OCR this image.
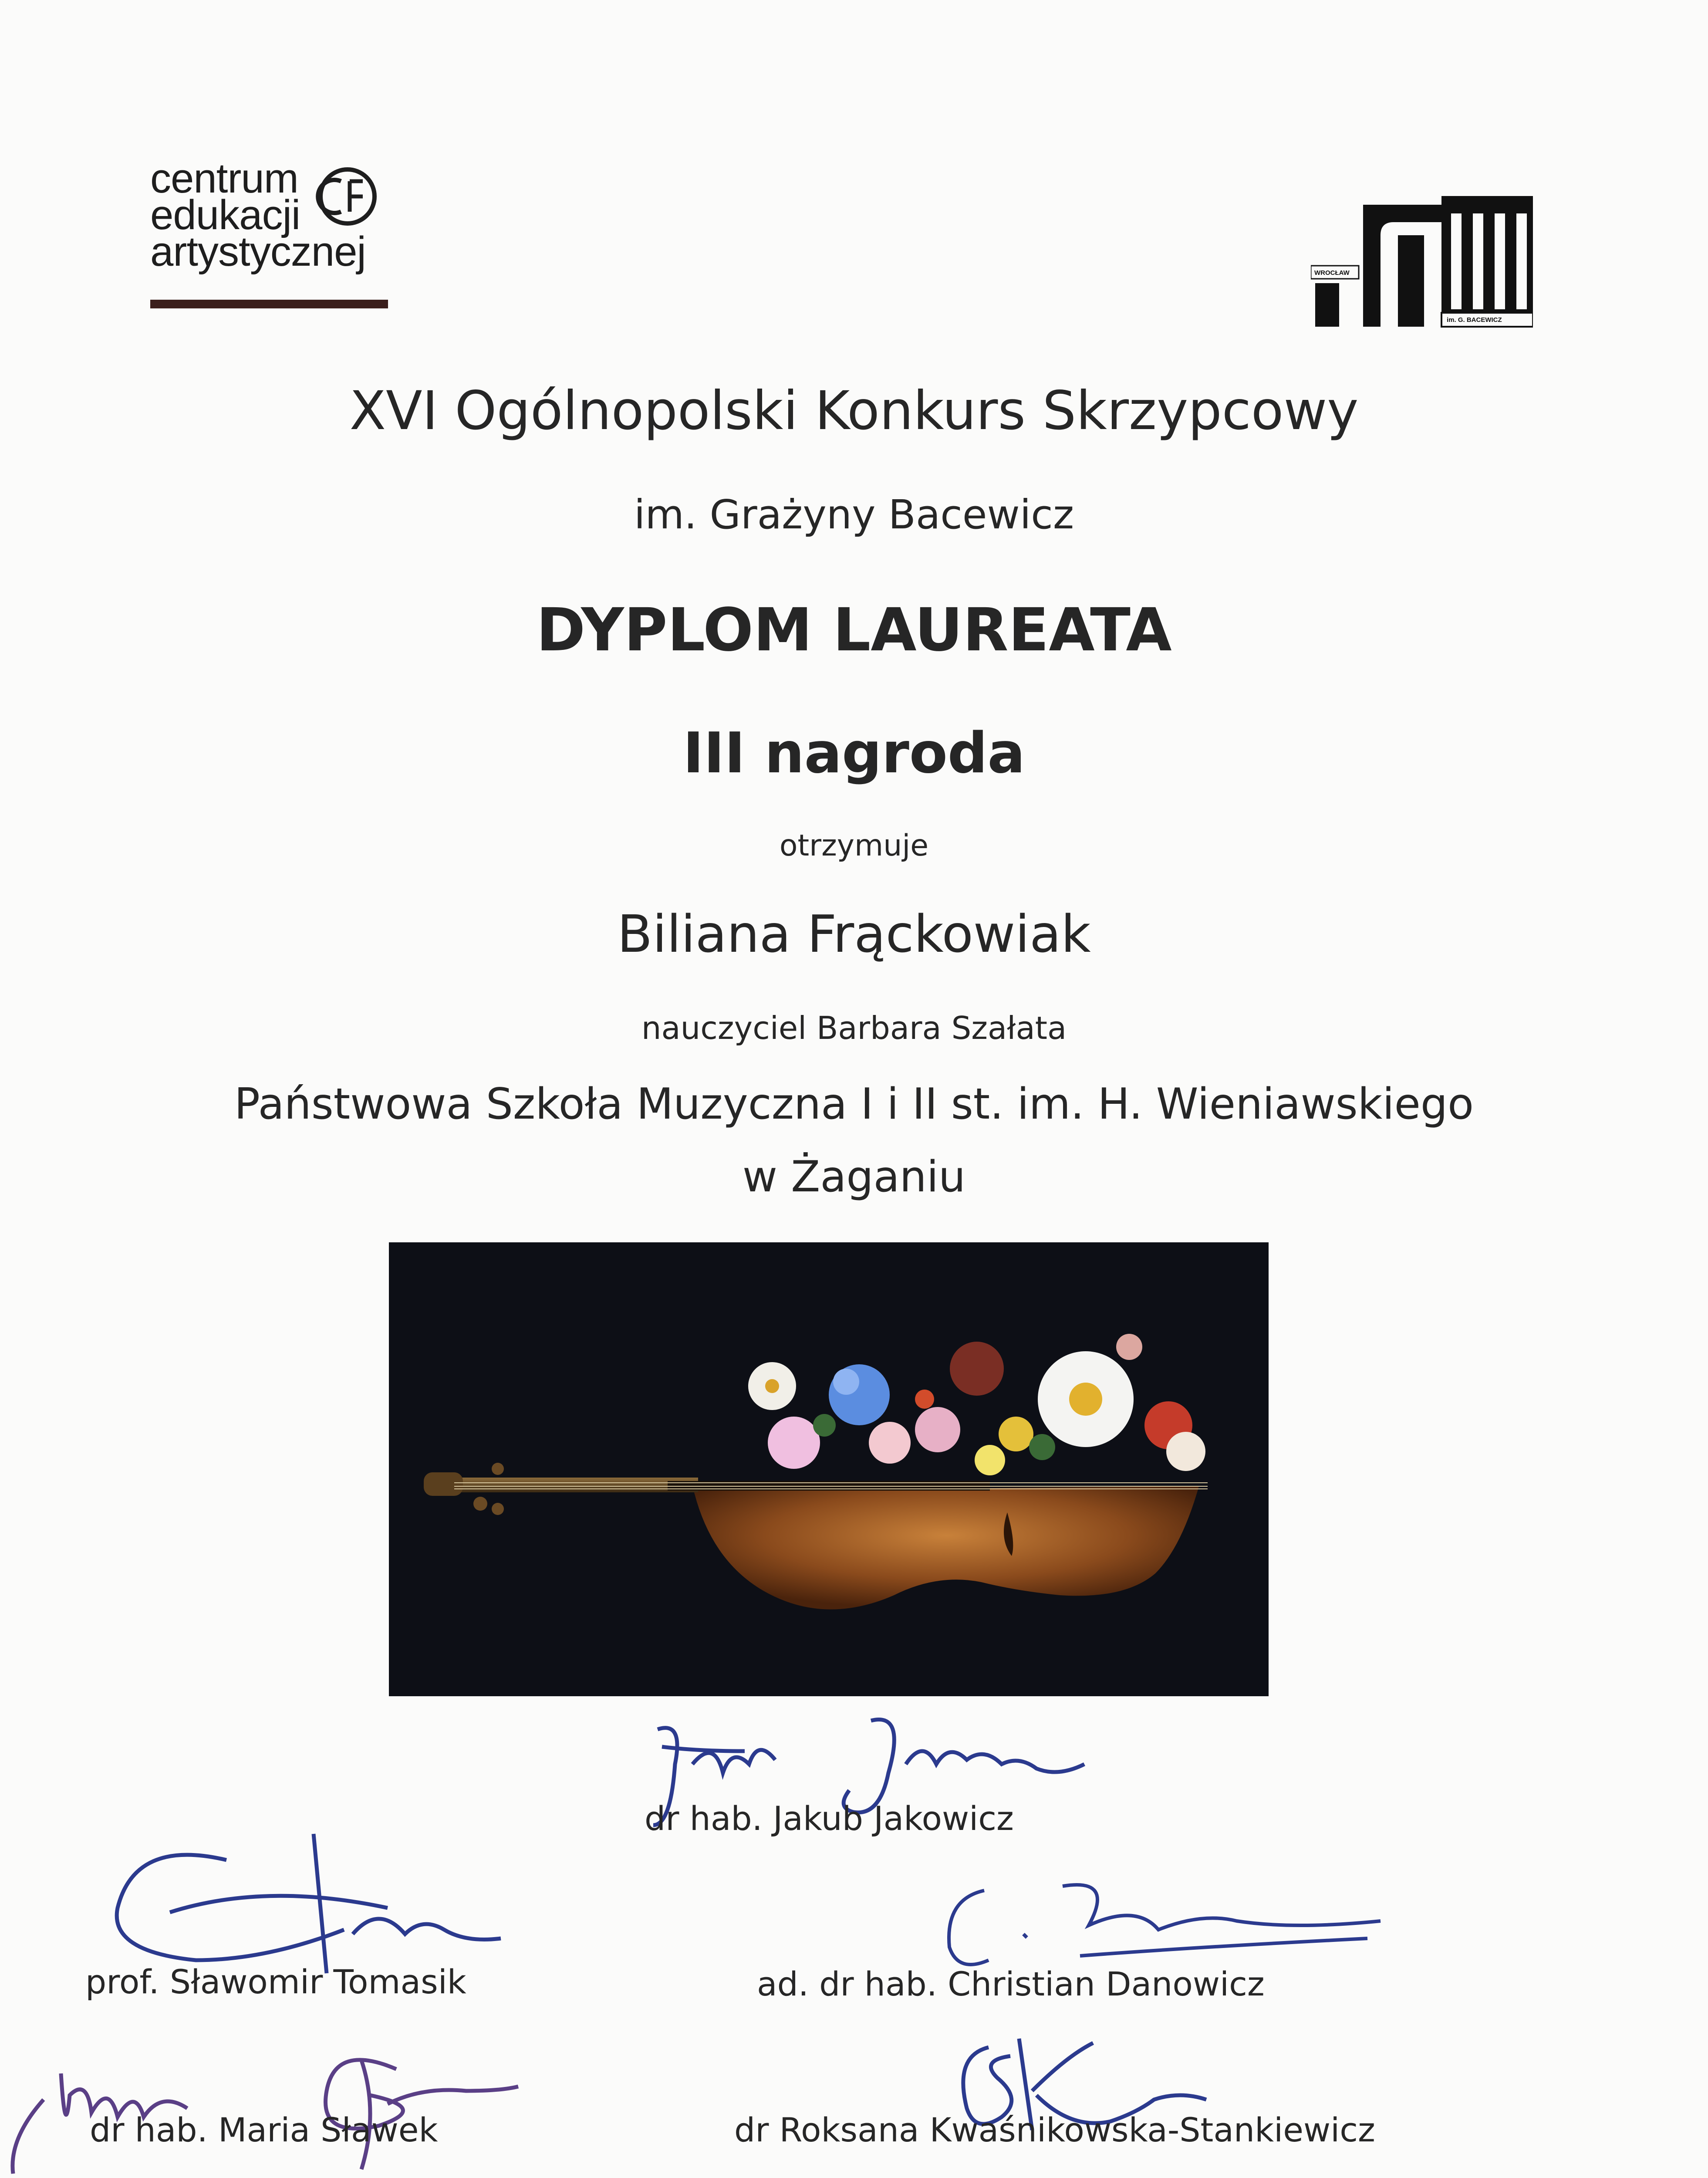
centrum
edukacji
artystycznej	WROCŁAW
im. G. BACEWICZ
XVI Ogólnopolski Konkurs Skrzypcowy
im. Grażyny Bacewicz
DYPLOM LAUREATA
III nagroda
otrzymuje
Biliana Frąckowiak
nauczyciel Barbara Szałata
Państwowa Szkoła Muzyczna I i II st. im. H. Wieniawskiego
w Żaganiu
dr hab. Jakub Jakowicz
prof. Sławomir Tomasik	ad. dr hab. Christian Danowicz
dr hab. Maria Sławek	dr Roksana Kwaśnikowska-Stankiewicz
